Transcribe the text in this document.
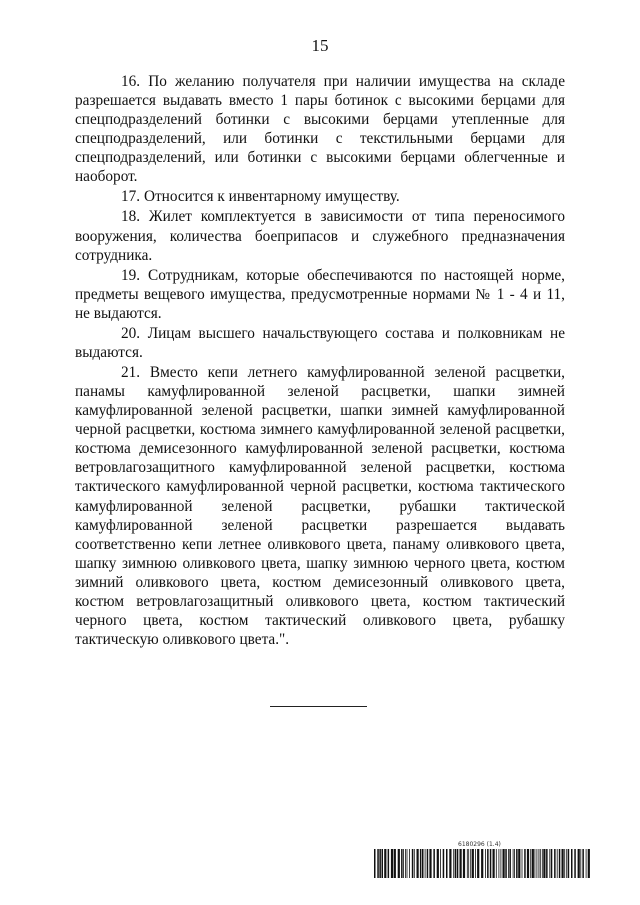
15

16. По желанию получателя при наличии имущества на складе разрешается выдавать вместо 1 пары ботинок с высокими берцами для спецподразделений ботинки с высокими берцами утепленные для спецподразделений, или ботинки с текстильными берцами для спецподразделений, или ботинки с высокими берцами облегченные и наоборот.

17. Относится к инвентарному имуществу.

18. Жилет комплектуется в зависимости от типа переносимого вооружения, количества боеприпасов и служебного предназначения сотрудника.

19. Сотрудникам, которые обеспечиваются по настоящей норме, предметы вещевого имущества, предусмотренные нормами № 1 - 4 и 11, не выдаются.

20. Лицам высшего начальствующего состава и полковникам не выдаются.

21. Вместо кепи летнего камуфлированной зеленой расцветки, панамы камуфлированной зеленой расцветки, шапки зимней камуфлированной зеленой расцветки, шапки зимней камуфлированной черной расцветки, костюма зимнего камуфлированной зеленой расцветки, костюма демисезонного камуфлированной зеленой расцветки, костюма ветровлагозащитного камуфлированной зеленой расцветки, костюма тактического камуфлированной черной расцветки, костюма тактического камуфлированной зеленой расцветки, рубашки тактической камуфлированной зеленой расцветки разрешается выдавать соответственно кепи летнее оливкового цвета, панаму оливкового цвета, шапку зимнюю оливкового цвета, шапку зимнюю черного цвета, костюм зимний оливкового цвета, костюм демисезонный оливкового цвета, костюм ветровлагозащитный оливкового цвета, костюм тактический черного цвета, костюм тактический оливкового цвета, рубашку тактическую оливкового цвета.".

6180296 (1.4)
